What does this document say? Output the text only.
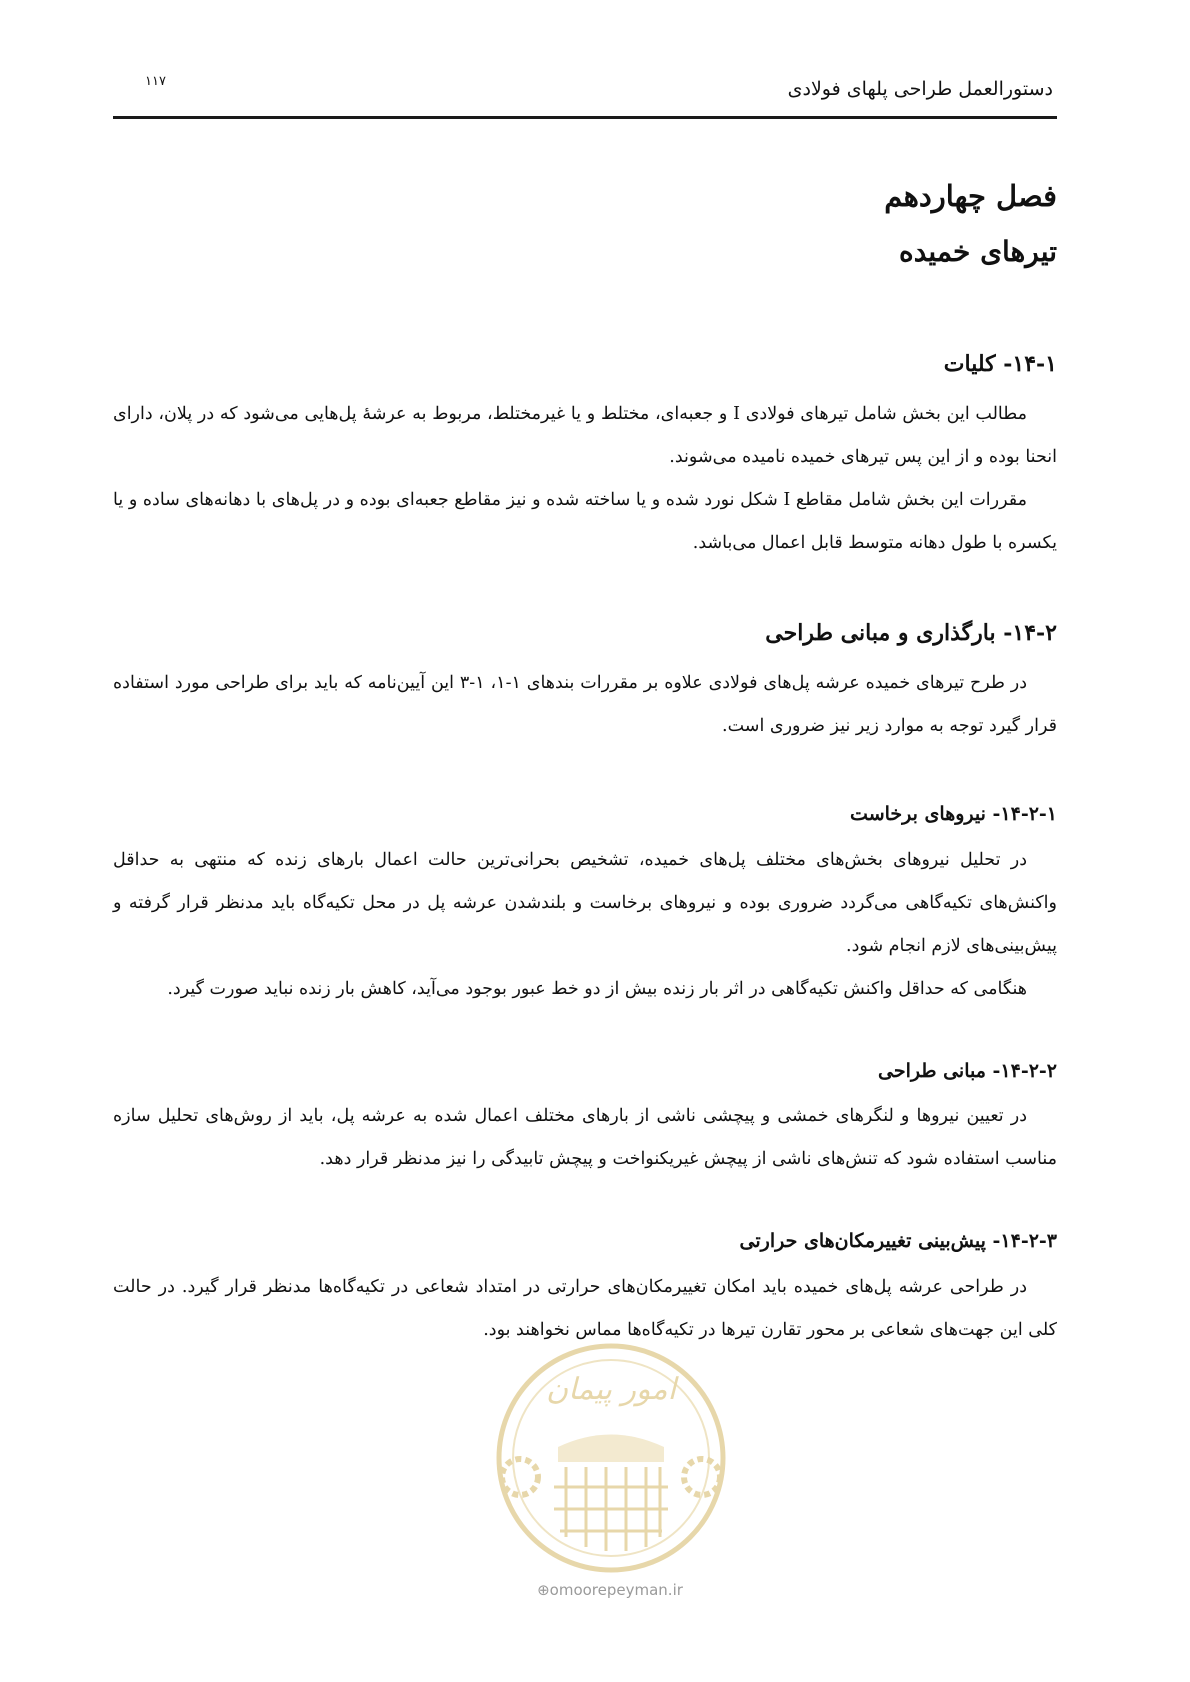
دستورالعمل طراحی پلهای فولادی
۱۱۷
فصل چهاردهم
تیرهای خمیده
۱۴-۱- کلیات

مطالب این بخش شامل تیرهای فولادی I و جعبه‌ای، مختلط و یا غیرمختلط، مربوط به عرشهٔ پل‌هایی می‌شود که در پلان، دارای انحنا بوده و از این پس تیرهای خمیده نامیده می‌شوند.

مقررات این بخش شامل مقاطع I شکل نورد شده و یا ساخته شده و نیز مقاطع جعبه‌ای بوده و در پل‌های با دهانه‌های ساده و یا یکسره با طول دهانه متوسط قابل اعمال می‌باشد.

۱۴-۲- بارگذاری و مبانی طراحی

در طرح تیرهای خمیده عرشه پل‌های فولادی علاوه بر مقررات بندهای ۱-۱، ۱-۳ این آیین‌نامه که باید برای طراحی مورد استفاده قرار گیرد توجه به موارد زیر نیز ضروری است.

۱۴-۲-۱- نیروهای برخاست

در تحلیل نیروهای بخش‌های مختلف پل‌های خمیده، تشخیص بحرانی‌ترین حالت اعمال بارهای زنده که منتهی به حداقل واکنش‌های تکیه‌گاهی می‌گردد ضروری بوده و نیروهای برخاست و بلندشدن عرشه پل در محل تکیه‌گاه باید مدنظر قرار گرفته و پیش‌بینی‌های لازم انجام شود.

هنگامی که حداقل واکنش تکیه‌گاهی در اثر بار زنده بیش از دو خط عبور بوجود می‌آید، کاهش بار زنده نباید صورت گیرد.

۱۴-۲-۲- مبانی طراحی

در تعیین نیروها و لنگرهای خمشی و پیچشی ناشی از بارهای مختلف اعمال شده به عرشه پل، باید از روش‌های تحلیل سازه مناسب استفاده شود که تنش‌های ناشی از پیچش غیریکنواخت و پیچش تابیدگی را نیز مدنظر قرار دهد.

۱۴-۲-۳- پیش‌بینی تغییرمکان‌های حرارتی

در طراحی عرشه پل‌های خمیده باید امکان تغییرمکان‌های حرارتی در امتداد شعاعی در تکیه‌گاه‌ها مدنظر قرار گیرد. در حالت کلی این جهت‌های شعاعی بر محور تقارن تیرها در تکیه‌گاه‌ها مماس نخواهند بود.

امور پیمان
⊕omoorepeyman.ir
